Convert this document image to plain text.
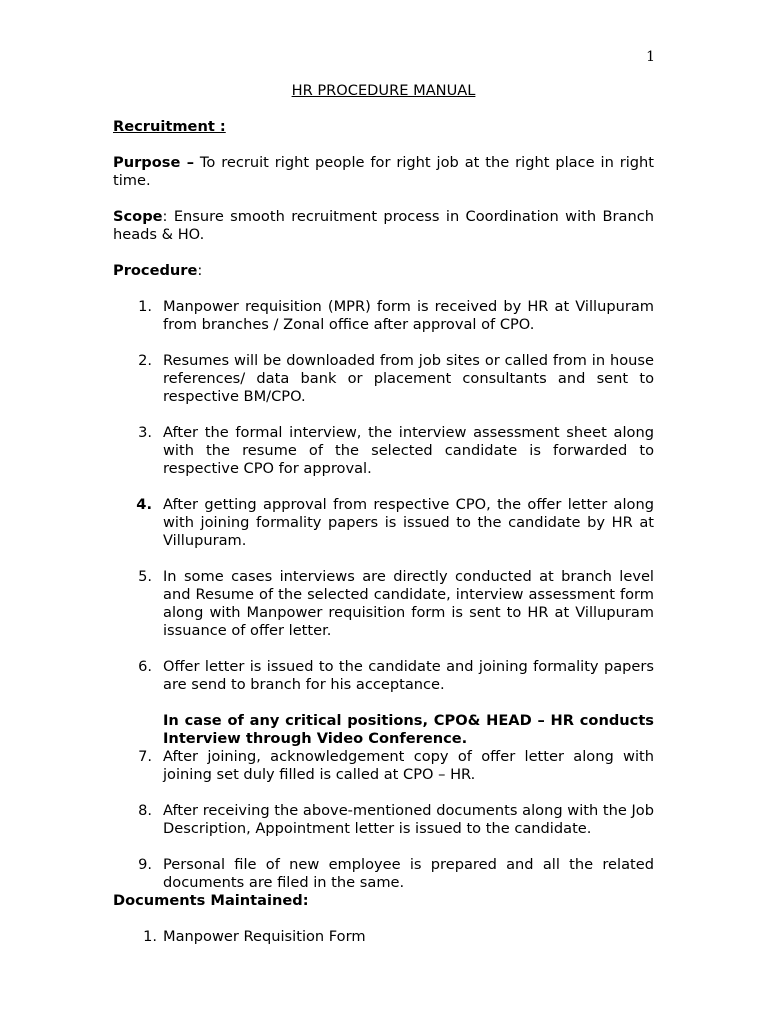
1
HR PROCEDURE MANUAL
Recruitment :
Purpose – To recruit right people for right job at the right place in right time.
Scope: Ensure smooth recruitment process in Coordination with Branch heads & HO.
Procedure:
1. Manpower requisition (MPR) form is received by HR at Villupuram from branches / Zonal office after approval of CPO.
2. Resumes will be downloaded from job sites or called from in house references/ data bank or placement consultants and sent to respective BM/CPO.
3. After the formal interview, the interview assessment sheet along with the resume of the selected candidate is forwarded to respective CPO for approval.
4. After getting approval from respective CPO, the offer letter along with joining formality papers is issued to the candidate by HR at Villupuram.
5. In some cases interviews are directly conducted at branch level and Resume of the selected candidate, interview assessment form along with Manpower requisition form is sent to HR at Villupuram issuance of offer letter.
6. Offer letter is issued to the candidate and joining formality papers are send to branch for his acceptance.
In case of any critical positions, CPO& HEAD – HR conducts Interview through Video Conference.
7. After joining, acknowledgement copy of offer letter along with joining set duly filled is called at CPO – HR.
8. After receiving the above-mentioned documents along with the Job Description, Appointment letter is issued to the candidate.
9. Personal file of new employee is prepared and all the related documents are filed in the same.
Documents Maintained:
1. Manpower Requisition Form
